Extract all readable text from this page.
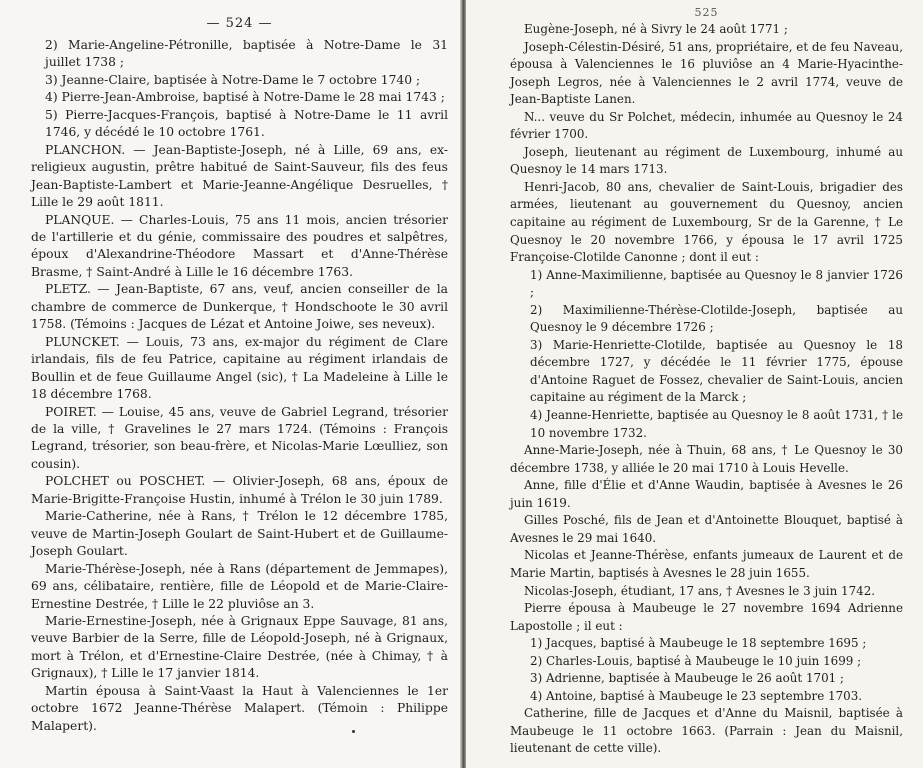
— 524 —

2) Marie-Angeline-Pétronille, baptisée à Notre-Dame le 31 juillet 1738 ;

3) Jeanne-Claire, baptisée à Notre-Dame le 7 octobre 1740 ;

4) Pierre-Jean-Ambroise, baptisé à Notre-Dame le 28 mai 1743 ;

5) Pierre-Jacques-François, baptisé à Notre-Dame le 11 avril 1746, y décédé le 10 octobre 1761.

PLANCHON. — Jean-Baptiste-Joseph, né à Lille, 69 ans, ex-religieux augustin, prêtre habitué de Saint-Sauveur, fils des feus Jean-Baptiste-Lambert et Marie-Jeanne-Angélique Desruelles, † Lille le 29 août 1811.

PLANQUE. — Charles-Louis, 75 ans 11 mois, ancien trésorier de l'artillerie et du génie, commissaire des poudres et salpêtres, époux d'Alexandrine-Théodore Massart et d'Anne-Thérèse Brasme, † Saint-André à Lille le 16 décembre 1763.

PLETZ. — Jean-Baptiste, 67 ans, veuf, ancien conseiller de la chambre de commerce de Dunkerque, † Hondschoote le 30 avril 1758. (Témoins : Jacques de Lézat et Antoine Joiwe, ses neveux).

PLUNCKET. — Louis, 73 ans, ex-major du régiment de Clare irlandais, fils de feu Patrice, capitaine au régiment irlandais de Boullin et de feue Guillaume Angel (sic), † La Madeleine à Lille le 18 décembre 1768.

POIRET. — Louise, 45 ans, veuve de Gabriel Legrand, trésorier de la ville, † Gravelines le 27 mars 1724. (Témoins : François Legrand, trésorier, son beau-frère, et Nicolas-Marie Lœulliez, son cousin).

POLCHET ou POSCHET. — Olivier-Joseph, 68 ans, époux de Marie-Brigitte-Françoise Hustin, inhumé à Trélon le 30 juin 1789.

Marie-Catherine, née à Rans, † Trélon le 12 décembre 1785, veuve de Martin-Joseph Goulart de Saint-Hubert et de Guillaume-Joseph Goulart.

Marie-Thérèse-Joseph, née à Rans (département de Jemmapes), 69 ans, célibataire, rentière, fille de Léopold et de Marie-Claire-Ernestine Destrée, † Lille le 22 pluviôse an 3.

Marie-Ernestine-Joseph, née à Grignaux Eppe Sauvage, 81 ans, veuve Barbier de la Serre, fille de Léopold-Joseph, né à Grignaux, mort à Trélon, et d'Ernestine-Claire Destrée, (née à Chimay, † à Grignaux), † Lille le 17 janvier 1814.

Martin épousa à Saint-Vaast la Haut à Valenciennes le 1er octobre 1672 Jeanne-Thérèse Malapert. (Témoin : Philippe Malapert).

525

Eugène-Joseph, né à Sivry le 24 août 1771 ;

Joseph-Célestin-Désiré, 51 ans, propriétaire, et de feu Naveau, épousa à Valenciennes le 16 pluviôse an 4 Marie-Hyacinthe-Joseph Legros, née à Valenciennes le 2 avril 1774, veuve de Jean-Baptiste Lanen.

N... veuve du Sr Polchet, médecin, inhumée au Quesnoy le 24 février 1700.

Joseph, lieutenant au régiment de Luxembourg, inhumé au Quesnoy le 14 mars 1713.

Henri-Jacob, 80 ans, chevalier de Saint-Louis, brigadier des armées, lieutenant au gouvernement du Quesnoy, ancien capitaine au régiment de Luxembourg, Sr de la Garenne, † Le Quesnoy le 20 novembre 1766, y épousa le 17 avril 1725 Françoise-Clotilde Canonne ; dont il eut :

1) Anne-Maximilienne, baptisée au Quesnoy le 8 janvier 1726 ;

2) Maximilienne-Thérèse-Clotilde-Joseph, baptisée au Quesnoy le 9 décembre 1726 ;

3) Marie-Henriette-Clotilde, baptisée au Quesnoy le 18 décembre 1727, y décédée le 11 février 1775, épouse d'Antoine Raguet de Fossez, chevalier de Saint-Louis, ancien capitaine au régiment de la Marck ;

4) Jeanne-Henriette, baptisée au Quesnoy le 8 août 1731, † le 10 novembre 1732.

Anne-Marie-Joseph, née à Thuin, 68 ans, † Le Quesnoy le 30 décembre 1738, y alliée le 20 mai 1710 à Louis Hevelle.

Anne, fille d'Élie et d'Anne Waudin, baptisée à Avesnes le 26 juin 1619.

Gilles Posché, fils de Jean et d'Antoinette Blouquet, baptisé à Avesnes le 29 mai 1640.

Nicolas et Jeanne-Thérèse, enfants jumeaux de Laurent et de Marie Martin, baptisés à Avesnes le 28 juin 1655.

Nicolas-Joseph, étudiant, 17 ans, † Avesnes le 3 juin 1742.

Pierre épousa à Maubeuge le 27 novembre 1694 Adrienne Lapostolle ; il eut :

1) Jacques, baptisé à Maubeuge le 18 septembre 1695 ;

2) Charles-Louis, baptisé à Maubeuge le 10 juin 1699 ;

3) Adrienne, baptisée à Maubeuge le 26 août 1701 ;

4) Antoine, baptisé à Maubeuge le 23 septembre 1703.

Catherine, fille de Jacques et d'Anne du Maisnil, baptisée à Maubeuge le 11 octobre 1663. (Parrain : Jean du Maisnil, lieutenant de cette ville).
